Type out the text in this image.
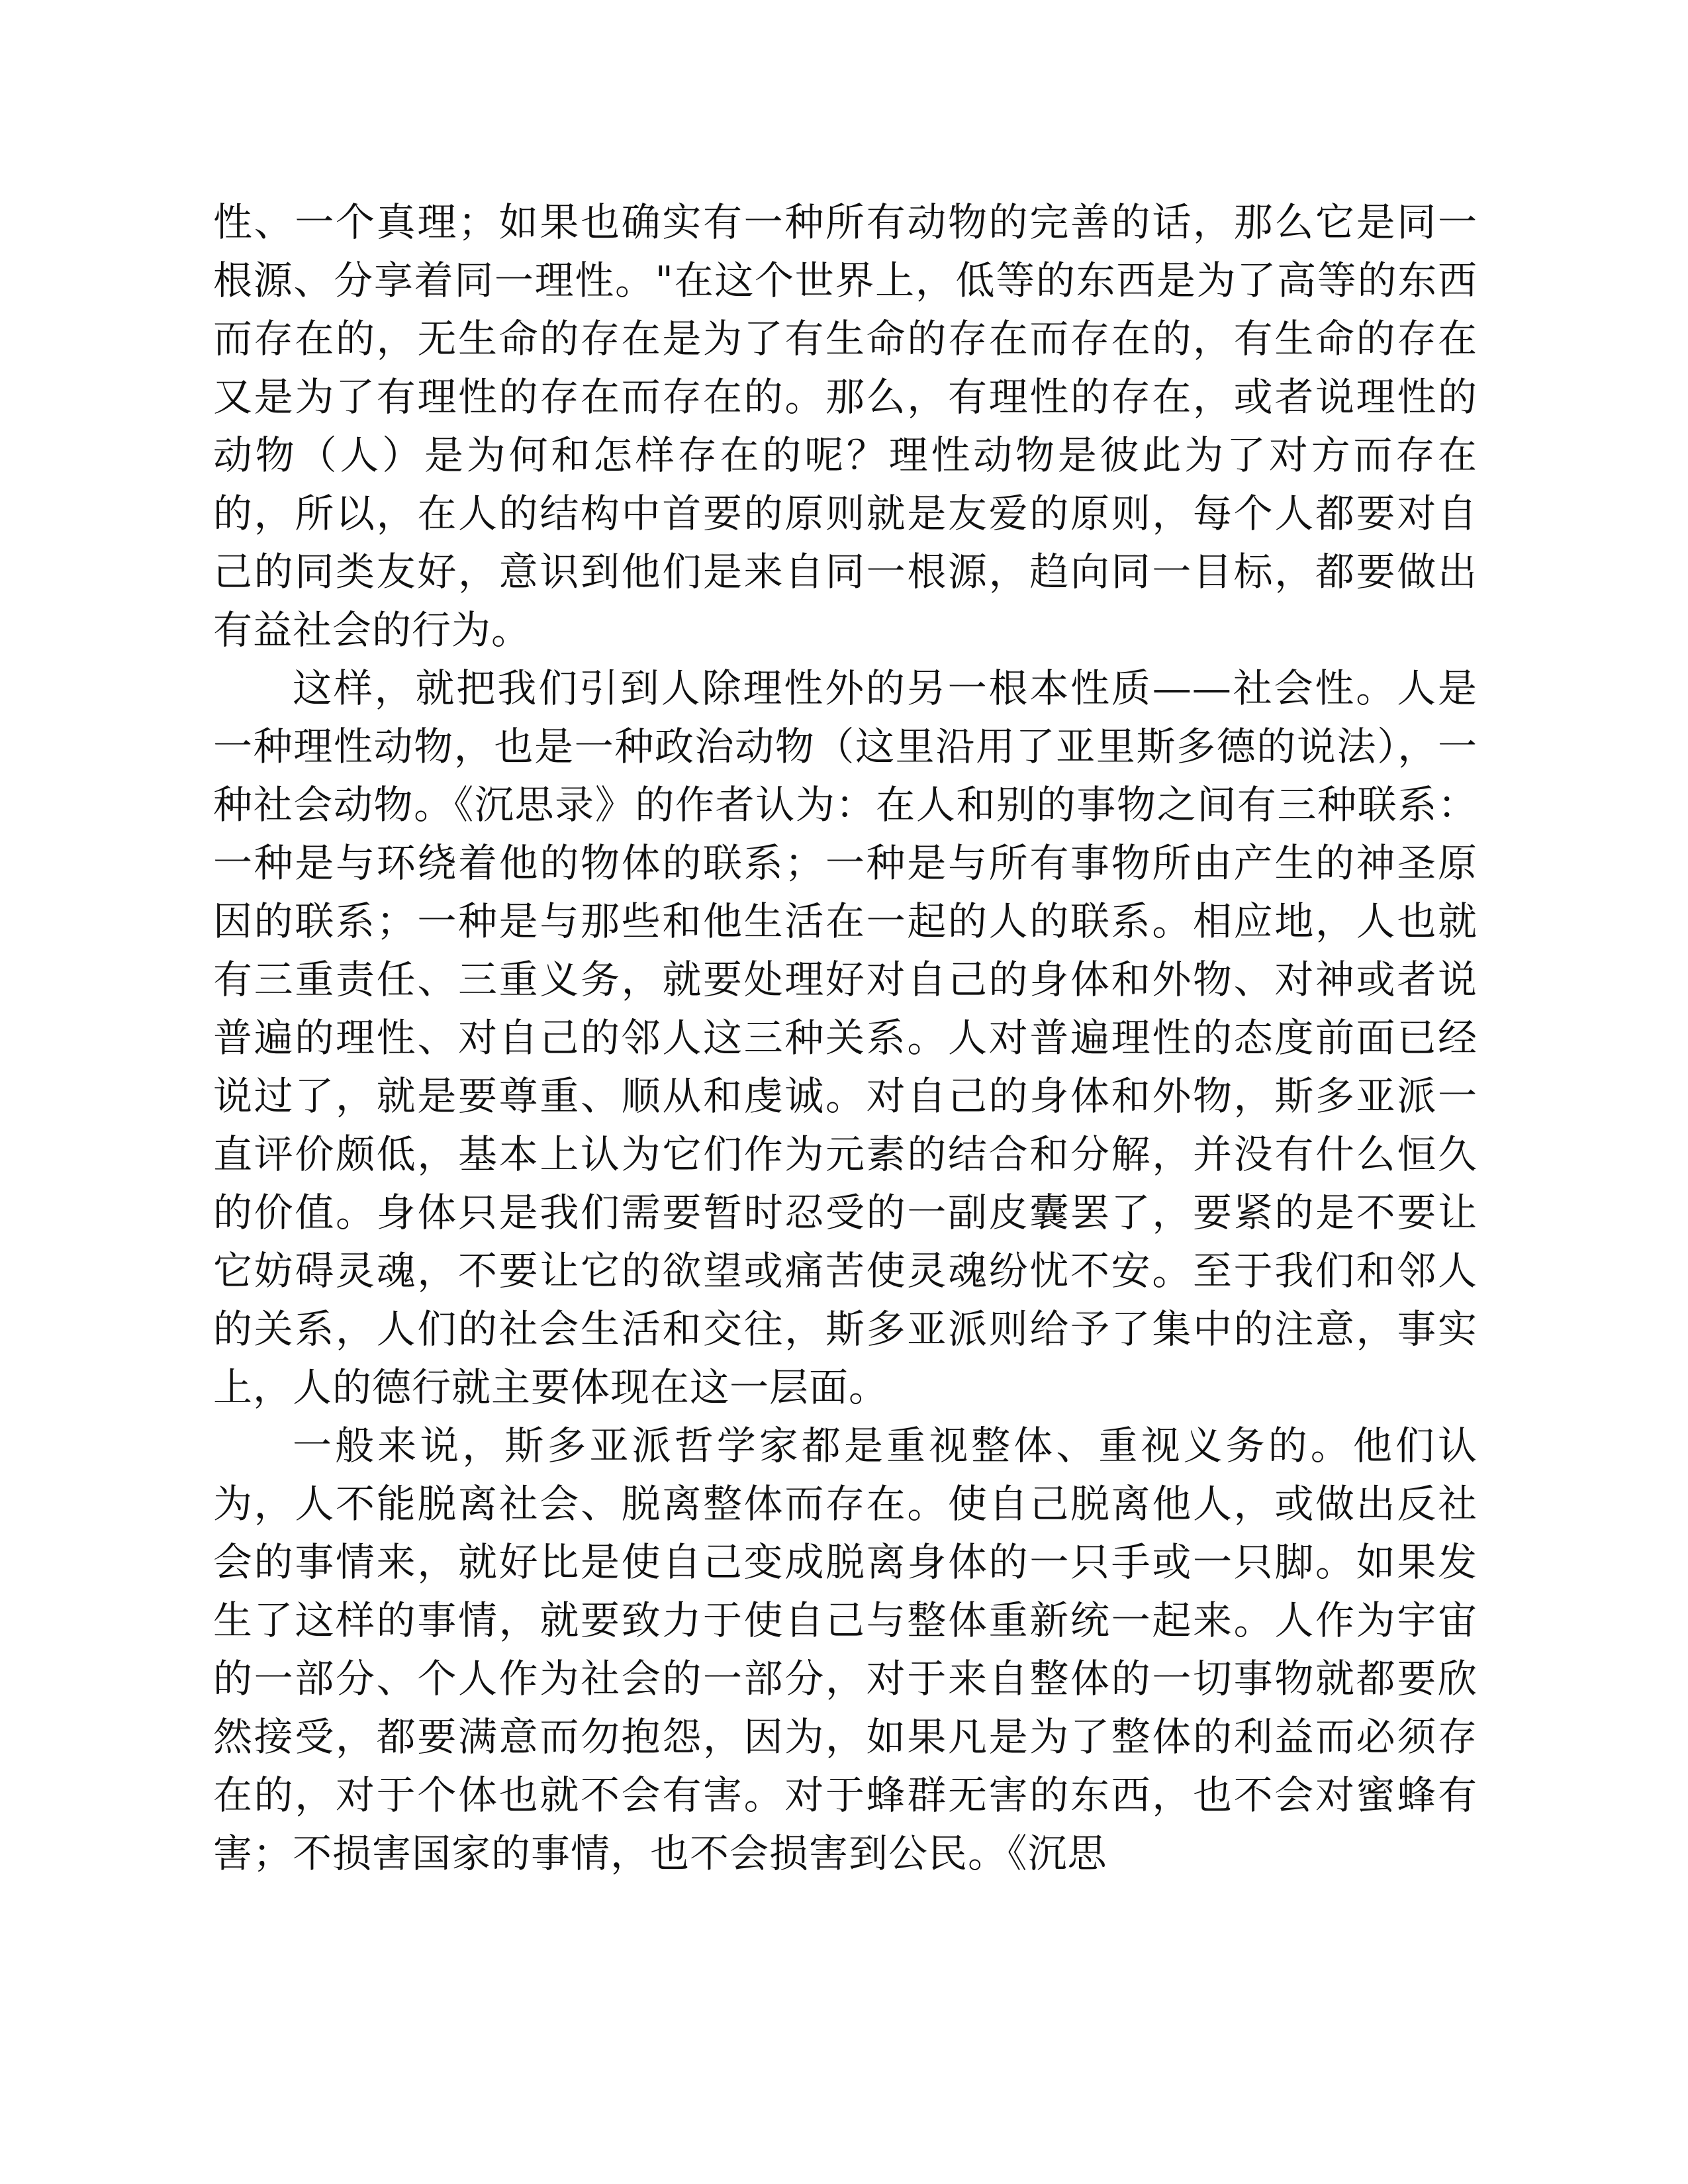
性、一个真理；如果也确实有一种所有动物的完善的话，那么它是同一根源、分享着同一理性。"在这个世界上，低等的东西是为了高等的东西而存在的，无生命的存在是为了有生命的存在而存在的，有生命的存在又是为了有理性的存在而存在的。那么，有理性的存在，或者说理性的动物（人）是为何和怎样存在的呢？理性动物是彼此为了对方而存在的，所以，在人的结构中首要的原则就是友爱的原则，每个人都要对自己的同类友好，意识到他们是来自同一根源，趋向同一目标，都要做出有益社会的行为。

这样，就把我们引到人除理性外的另一根本性质——社会性。人是一种理性动物，也是一种政治动物（这里沿用了亚里斯多德的说法），一种社会动物。《沉思录》的作者认为：在人和别的事物之间有三种联系：一种是与环绕着他的物体的联系；一种是与所有事物所由产生的神圣原因的联系；一种是与那些和他生活在一起的人的联系。相应地，人也就有三重责任、三重义务，就要处理好对自己的身体和外物、对神或者说普遍的理性、对自己的邻人这三种关系。人对普遍理性的态度前面已经说过了，就是要尊重、顺从和虔诚。对自己的身体和外物，斯多亚派一直评价颇低，基本上认为它们作为元素的结合和分解，并没有什么恒久的价值。身体只是我们需要暂时忍受的一副皮囊罢了，要紧的是不要让它妨碍灵魂，不要让它的欲望或痛苦使灵魂纷忧不安。至于我们和邻人的关系，人们的社会生活和交往，斯多亚派则给予了集中的注意，事实上，人的德行就主要体现在这一层面。

一般来说，斯多亚派哲学家都是重视整体、重视义务的。他们认为，人不能脱离社会、脱离整体而存在。使自己脱离他人，或做出反社会的事情来，就好比是使自己变成脱离身体的一只手或一只脚。如果发生了这样的事情，就要致力于使自己与整体重新统一起来。人作为宇宙的一部分、个人作为社会的一部分，对于来自整体的一切事物就都要欣然接受，都要满意而勿抱怨，因为，如果凡是为了整体的利益而必须存在的，对于个体也就不会有害。对于蜂群无害的东西，也不会对蜜蜂有害；不损害国家的事情，也不会损害到公民。《沉思
